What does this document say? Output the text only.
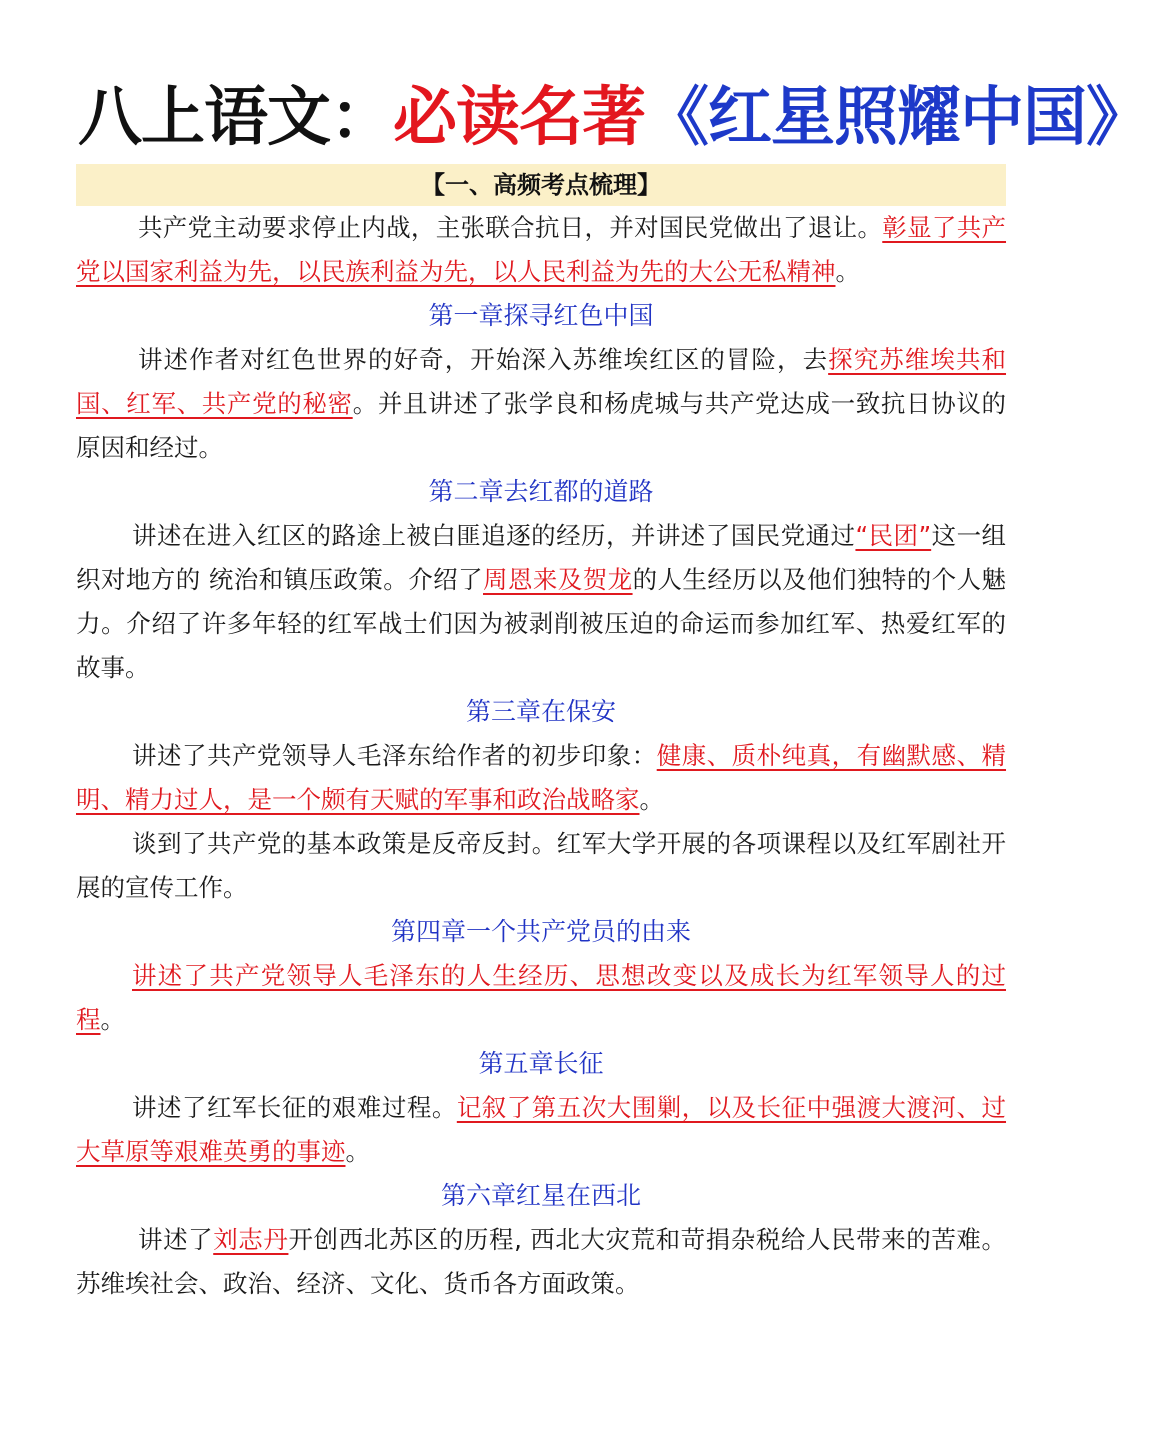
八上语文：必读名著《红星照耀中国》
【一、高频考点梳理】

共产党主动要求停止内战，主张联合抗日，并对国民党做出了退让。彰显了共产党以国家利益为先，以民族利益为先，以人民利益为先的大公无私精神。

第一章探寻红色中国

讲述作者对红色世界的好奇，开始深入苏维埃红区的冒险，去探究苏维埃共和国、红军、共产党的秘密。并且讲述了张学良和杨虎城与共产党达成一致抗日协议的原因和经过。

第二章去红都的道路

讲述在进入红区的路途上被白匪追逐的经历，并讲述了国民党通过“民团”这一组织对地方的 统治和镇压政策。介绍了周恩来及贺龙的人生经历以及他们独特的个人魅力。介绍了许多年轻的红军战士们因为被剥削被压迫的命运而参加红军、热爱红军的故事。

第三章在保安

讲述了共产党领导人毛泽东给作者的初步印象：健康、质朴纯真，有幽默感、精明、精力过人，是一个颇有天赋的军事和政治战略家。

谈到了共产党的基本政策是反帝反封。红军大学开展的各项课程以及红军剧社开展的宣传工作。

第四章一个共产党员的由来

讲述了共产党领导人毛泽东的人生经历、思想改变以及成长为红军领导人的过程。

第五章长征

讲述了红军长征的艰难过程。记叙了第五次大围剿，以及长征中强渡大渡河、过大草原等艰难英勇的事迹。

第六章红星在西北

讲述了刘志丹开创西北苏区的历程, 西北大灾荒和苛捐杂税给人民带来的苦难。苏维埃社会、政治、经济、文化、货币各方面政策。
